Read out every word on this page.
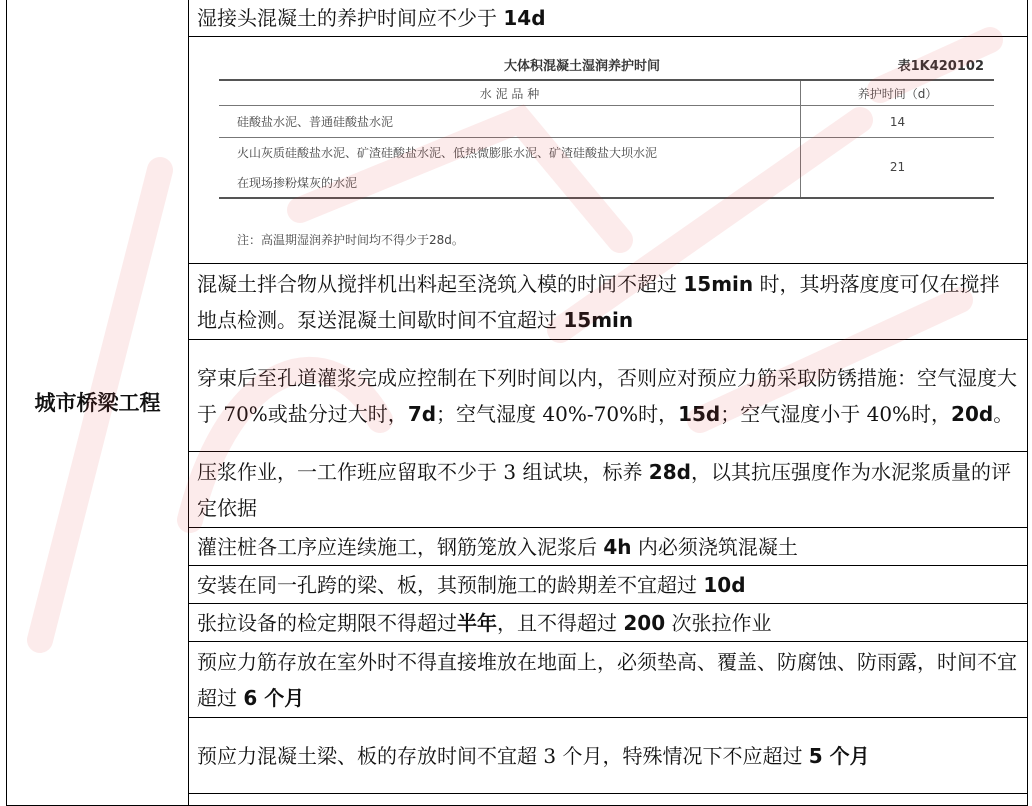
城市桥梁工程	湿接头混凝土的养护时间应不少于 14d

大体积混凝土湿润养护时间	表1K420102
水 泥 品 种	养护时间（d）
硅酸盐水泥、普通硅酸盐水泥	14
火山灰质硅酸盐水泥、矿渣硅酸盐水泥、低热微膨胀水泥、矿渣硅酸盐大坝水泥	21
在现场掺粉煤灰的水泥
注：高温期湿润养护时间均不得少于28d。

混凝土拌合物从搅拌机出料起至浇筑入模的时间不超过 15min 时，其坍落度度可仅在搅拌地点检测。泵送混凝土间歇时间不宜超过 15min
穿束后至孔道灌浆完成应控制在下列时间以内，否则应对预应力筋采取防锈措施：空气湿度大于 70%或盐分过大时，7d；空气湿度 40%-70%时，15d；空气湿度小于 40%时，20d。
压浆作业，一工作班应留取不少于 3 组试块，标养 28d，以其抗压强度作为水泥浆质量的评定依据
灌注桩各工序应连续施工，钢筋笼放入泥浆后 4h 内必须浇筑混凝土
安装在同一孔跨的梁、板，其预制施工的龄期差不宜超过 10d
张拉设备的检定期限不得超过半年，且不得超过 200 次张拉作业
预应力筋存放在室外时不得直接堆放在地面上，必须垫高、覆盖、防腐蚀、防雨露，时间不宜超过 6 个月
预应力混凝土梁、板的存放时间不宜超 3 个月，特殊情况下不应超过 5 个月
